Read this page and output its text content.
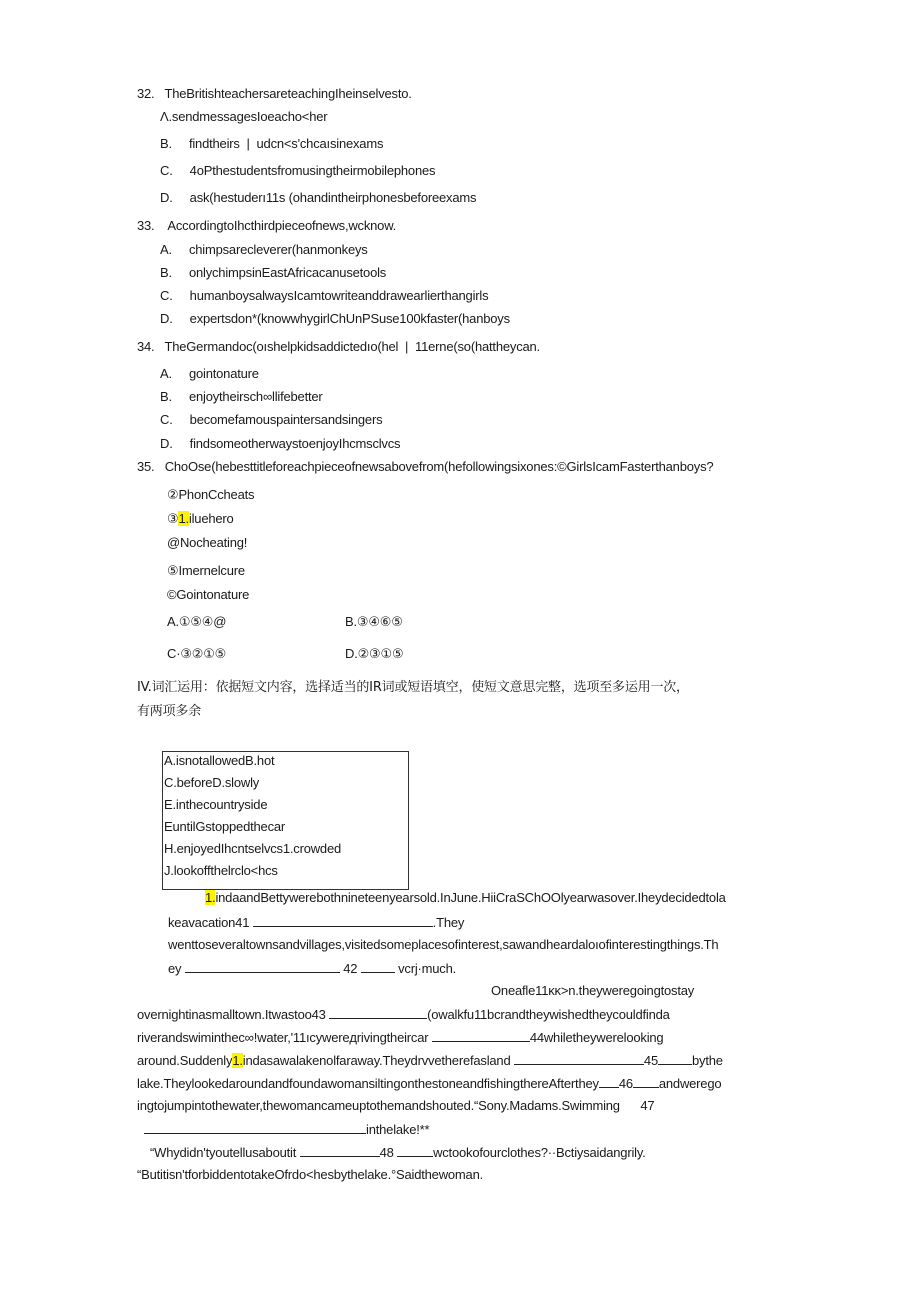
32.   TheBritishteachersareteachingIheinselvesto.
Λ.sendmessagesIoeacho<her
B.     findtheirs  |  udcn<s'chcaısinexams
C.     4oPthestudentsfromusingtheirmobilephones
D.     ask(hestuderı11s (ohandintheirphonesbeforeexams
33.    AccordingtoIhcthirdpieceofnews,wcknow.
A.     chimpsarecleverer(hanmonkeys
B.     onlychimpsinEastAfricacanusetools
C.     humanboysalwaysIcamtowriteanddrawearlierthangirls
D.     expertsdon*(knowwhygirlChUnPSuse100kfaster(hanboys
34.   TheGermandoc(oıshelpkidsaddictedıo(hel  |  11erne(so(hattheycan.
A.     gointonature
B.     enjoytheirsch∞llifebetter
C.     becomefamouspaintersandsingers
D.     findsomeotherwaystoenjoyIhcmsclvcs
35.   ChoOse(hebesttitleforeachpieceofnewsabovefrom(hefollowingsixones:©GirlsIcamFasterthanboys?
②PhonCcheats
③1.iluehero
@Nocheating!
⑤Imernelcure
©Gointonature
A.①⑤④@	B.③④⑥⑤
C·③②①⑤	D.②③①⑤
IV.词汇运用：依据短文内容，选择适当的IR词或短语填空，使短文意思完整，选项至多运用一次，
有两项多余
A.isnotallowedB.hot
C.beforeD.slowly
E.inthecountryside
EuntilGstoppedthecar
H.enjoyedIhcntselvcs1.crowded
J.lookoffthelrclo<hcs
1.indaandBettywerebothnineteenyearsold.InJune.HiiCraSChOOlyearwasover.Iheydecidedtola
keavacation41	.They
wenttoseveraltownsandvillages,visitedsomeplacesofinterest,sawandheardaloıofinterestingthings.Th
ey	42	vcrj·much.
Oneafle11κκ>n.theyweregoingtostay
overnightinasmalltown.Itwastoo43	(owalkfu11bcrandtheywishedtheycouldfinda
riverandswimintheс∞!water,'11ıcywereдrivingtheircar	44whiletheywerelooking
around.Suddenly1.indasawalakenolfaraway.Theydrvvetherefasland	45	bythe
lake.TheylookedaroundandfoundawomansiltingonthestoneandfishingthereAfterthey 46 andwerego
ingtojumpintothewater,thewomancameuptothemandshouted.“Sony.Madams.Swimming 47
inthelake!**
“Whydidn'tyoutellusaboutit	48	wctookofourclothes?··Bctiysaidangrily.
“Butitisn'tforbiddentotakeOfrdo<hesbythelake.°Saidthewoman.
